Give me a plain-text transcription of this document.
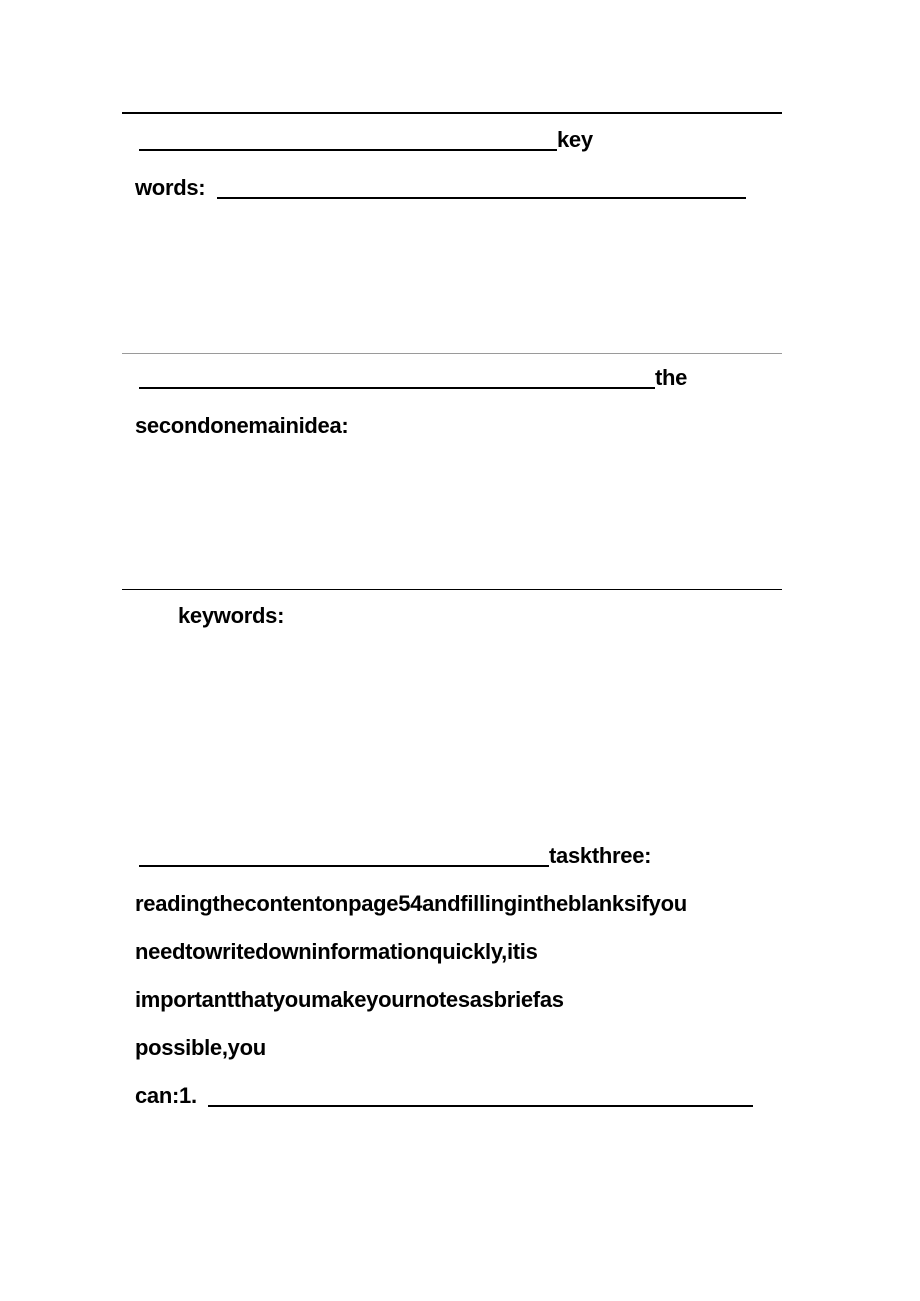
key
words:
the
secondonemainidea:
keywords:
taskthree:
readingthecontentonpage54andfillingintheblanksifyou
needtowritedowninformationquickly,itis
importantthatyoumakeyournotesasbriefas
possible,you
can:1.
